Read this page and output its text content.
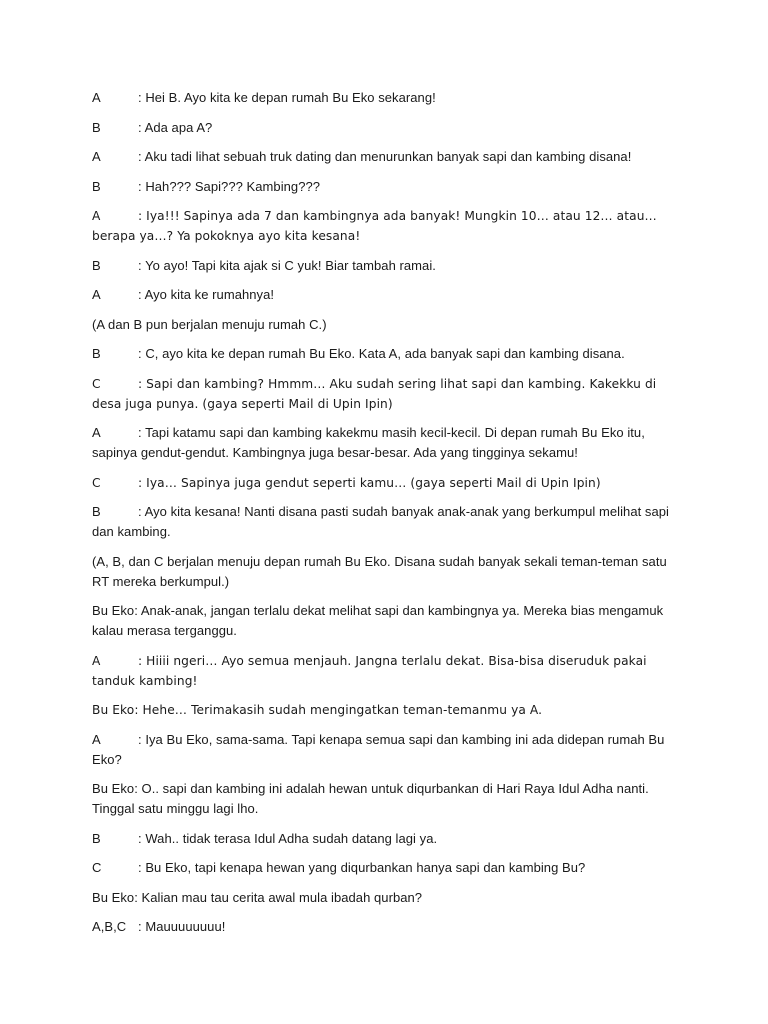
A	: Hei B. Ayo kita ke depan rumah Bu Eko sekarang!

B	: Ada apa A?

A	: Aku tadi lihat sebuah truk dating dan menurunkan banyak sapi dan kambing disana!

B	: Hah??? Sapi??? Kambing???

A	: Iya!!! Sapinya ada 7 dan kambingnya ada banyak! Mungkin 10… atau 12… atau… berapa ya…? Ya pokoknya ayo kita kesana!

B	: Yo ayo! Tapi kita ajak si C yuk! Biar tambah ramai.

A	: Ayo kita ke rumahnya!

(A dan B pun berjalan menuju rumah C.)

B	: C, ayo kita ke depan rumah Bu Eko. Kata A, ada banyak sapi dan kambing disana.

C	: Sapi dan kambing? Hmmm… Aku sudah sering lihat sapi dan kambing. Kakekku di desa juga punya. (gaya seperti Mail di Upin Ipin)

A	: Tapi katamu sapi dan kambing kakekmu masih kecil-kecil. Di depan rumah Bu Eko itu, sapinya gendut-gendut. Kambingnya juga besar-besar. Ada yang tingginya sekamu!

C	: Iya… Sapinya juga gendut seperti kamu… (gaya seperti Mail di Upin Ipin)

B	: Ayo kita kesana! Nanti disana pasti sudah banyak anak-anak yang berkumpul melihat sapi dan kambing.

(A, B, dan C berjalan menuju depan rumah Bu Eko. Disana sudah banyak sekali teman-teman satu RT mereka berkumpul.)

Bu Eko: Anak-anak, jangan terlalu dekat melihat sapi dan kambingnya ya. Mereka bias mengamuk kalau merasa terganggu.

A	: Hiiii ngeri… Ayo semua menjauh. Jangna terlalu dekat. Bisa-bisa diseruduk pakai tanduk kambing!

Bu Eko: Hehe… Terimakasih sudah mengingatkan teman-temanmu ya A.

A	: Iya Bu Eko, sama-sama. Tapi kenapa semua sapi dan kambing ini ada didepan rumah Bu Eko?

Bu Eko: O.. sapi dan kambing ini adalah hewan untuk diqurbankan di Hari Raya Idul Adha nanti. Tinggal satu minggu lagi lho.

B	: Wah.. tidak terasa Idul Adha sudah datang lagi ya.

C	: Bu Eko, tapi kenapa hewan yang diqurbankan hanya sapi dan kambing Bu?

Bu Eko: Kalian mau tau cerita awal mula ibadah qurban?

A,B,C : Mauuuuuuuu!
